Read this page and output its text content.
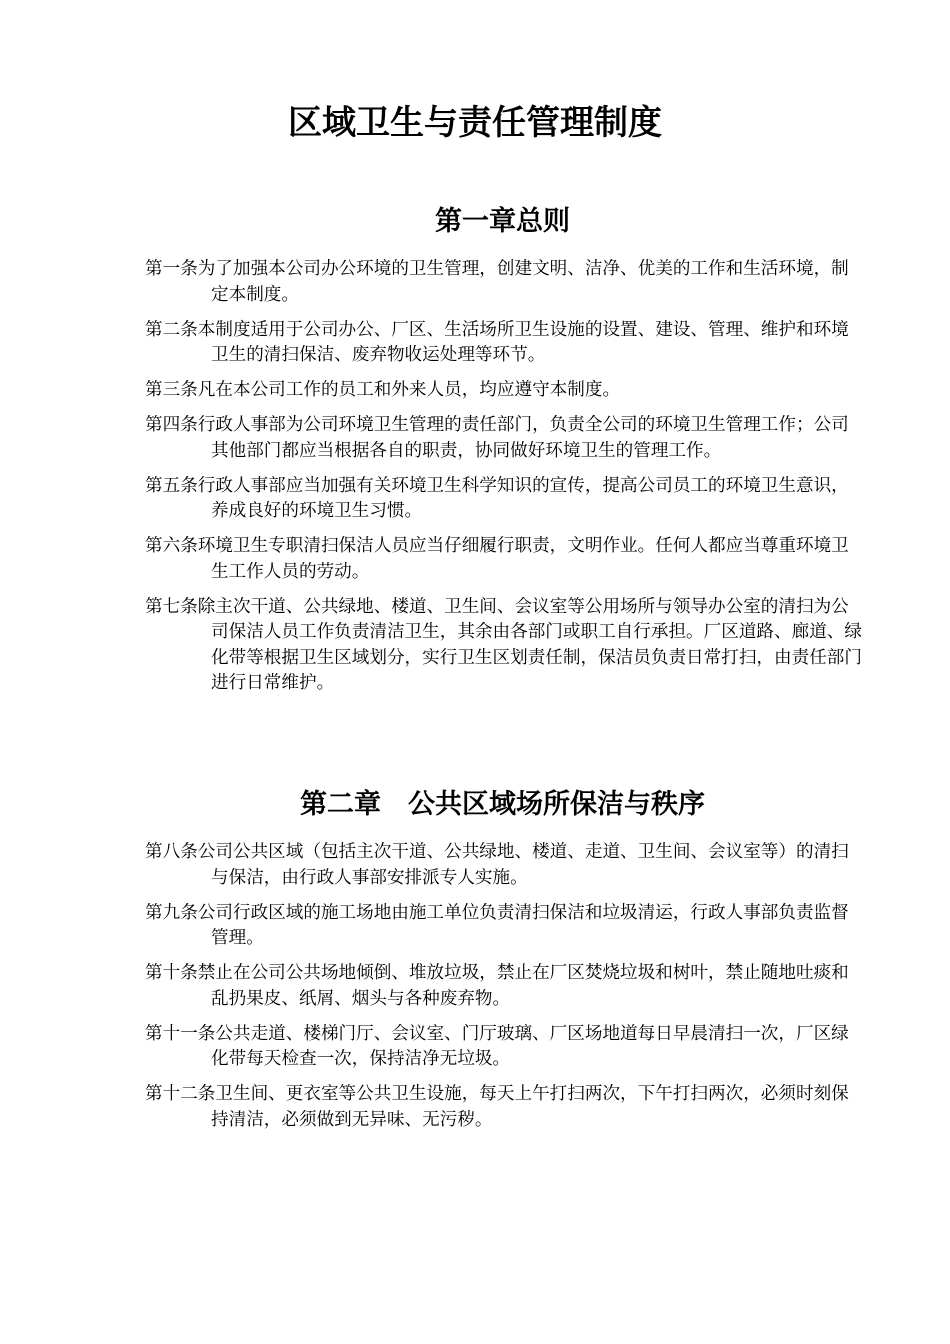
区域卫生与责任管理制度
第一章总则

第一条为了加强本公司办公环境的卫生管理，创建文明、洁净、优美的工作和生活环境，制定本制度。

第二条本制度适用于公司办公、厂区、生活场所卫生设施的设置、建设、管理、维护和环境卫生的清扫保洁、废弃物收运处理等环节。

第三条凡在本公司工作的员工和外来人员，均应遵守本制度。

第四条行政人事部为公司环境卫生管理的责任部门，负责全公司的环境卫生管理工作；公司其他部门都应当根据各自的职责，协同做好环境卫生的管理工作。

第五条行政人事部应当加强有关环境卫生科学知识的宣传，提高公司员工的环境卫生意识，养成良好的环境卫生习惯。

第六条环境卫生专职清扫保洁人员应当仔细履行职责，文明作业。任何人都应当尊重环境卫生工作人员的劳动。

第七条除主次干道、公共绿地、楼道、卫生间、会议室等公用场所与领导办公室的清扫为公司保洁人员工作负责清洁卫生，其余由各部门或职工自行承担。厂区道路、廊道、绿化带等根据卫生区域划分，实行卫生区划责任制，保洁员负责日常打扫，由责任部门进行日常维护。

第二章　公共区域场所保洁与秩序

第八条公司公共区域（包括主次干道、公共绿地、楼道、走道、卫生间、会议室等）的清扫与保洁，由行政人事部安排派专人实施。

第九条公司行政区域的施工场地由施工单位负责清扫保洁和垃圾清运，行政人事部负责监督管理。

第十条禁止在公司公共场地倾倒、堆放垃圾，禁止在厂区焚烧垃圾和树叶，禁止随地吐痰和乱扔果皮、纸屑、烟头与各种废弃物。

第十一条公共走道、楼梯门厅、会议室、门厅玻璃、厂区场地道每日早晨清扫一次，厂区绿化带每天检查一次，保持洁净无垃圾。

第十二条卫生间、更衣室等公共卫生设施，每天上午打扫两次，下午打扫两次，必须时刻保持清洁，必须做到无异味、无污秽。
